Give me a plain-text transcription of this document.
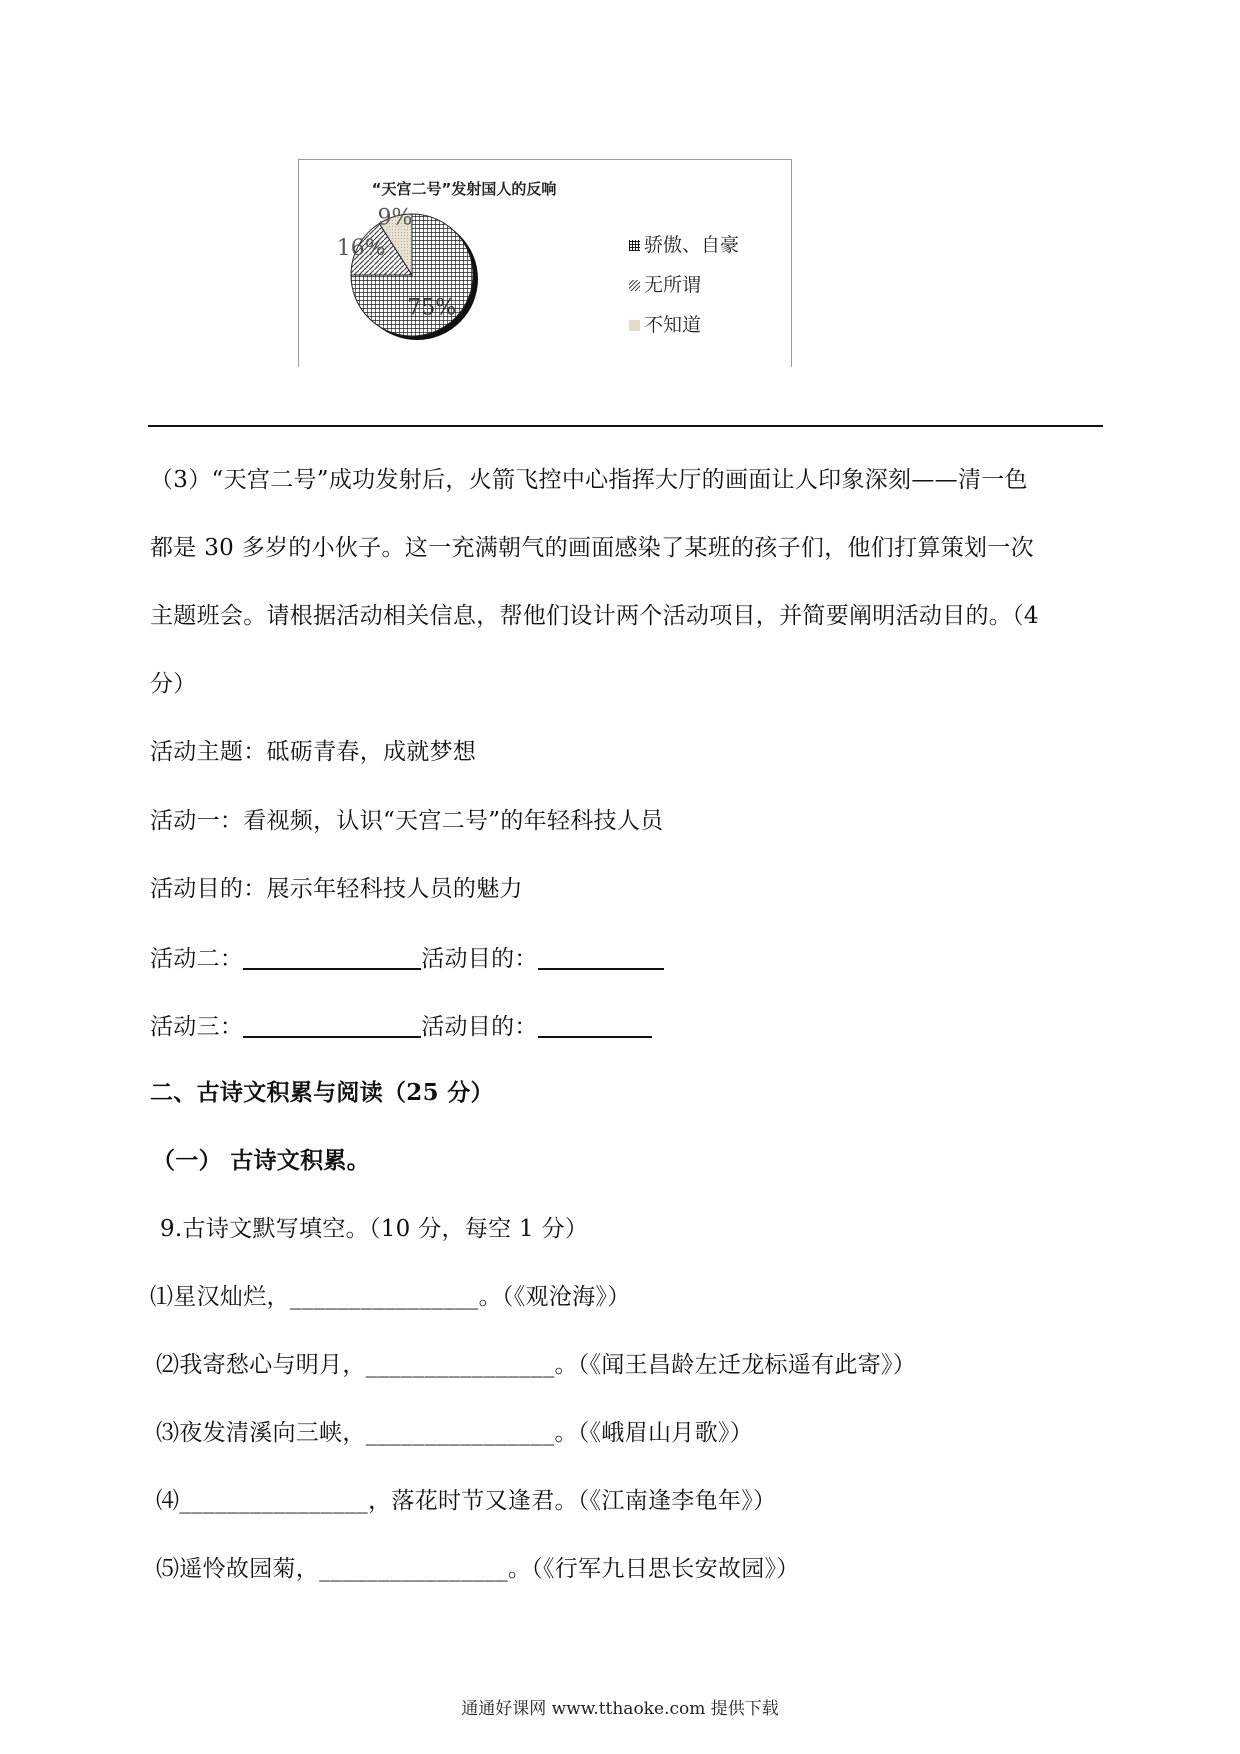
“天宫二号”发射国人的反响
75%
16%
9%
骄傲、自豪
无所谓
不知道
（3）“天宫二号”成功发射后，火箭飞控中心指挥大厅的画面让人印象深刻——清一色
都是 30 多岁的小伙子。这一充满朝气的画面感染了某班的孩子们，他们打算策划一次
主题班会。请根据活动相关信息，帮他们设计两个活动项目，并简要阐明活动目的。（4
分）
活动主题：砥砺青春，成就梦想
活动一：看视频，认识“天宫二号”的年轻科技人员
活动目的：展示年轻科技人员的魅力
活动二：	活动目的：
活动三：	活动目的：
二、古诗文积累与阅读（25 分）
（一） 古诗文积累。
9.古诗文默写填空。（10 分，每空 1 分）
⑴星汉灿烂，________________。（《观沧海》）
⑵我寄愁心与明月，________________。（《闻王昌龄左迁龙标遥有此寄》）
⑶夜发清溪向三峡，________________。（《峨眉山月歌》）
⑷________________，落花时节又逢君。（《江南逢李龟年》）
⑸遥怜故园菊，________________。（《行军九日思长安故园》）
通通好课网 www.tthaoke.com 提供下载
